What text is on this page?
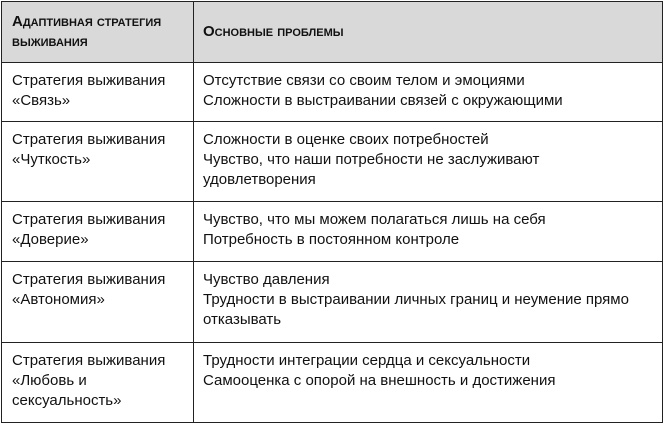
Адаптивная стратегия выживания
Основные проблемы
Стратегия выживания
«Связь»
Отсутствие связи со своим телом и эмоциями
Сложности в выстраивании связей с окружающими
Стратегия выживания
«Чуткость»
Сложности в оценке своих потребностей
Чувство, что наши потребности не заслуживают удовлетворения
Стратегия выживания
«Доверие»
Чувство, что мы можем полагаться лишь на себя
Потребность в постоянном контроле
Стратегия выживания
«Автономия»
Чувство давления
Трудности в выстраивании личных границ и неумение прямо отказывать
Стратегия выживания «Любовь и сексуальность»
Трудности интеграции сердца и сексуальности
Самооценка с опорой на внешность и достижения
